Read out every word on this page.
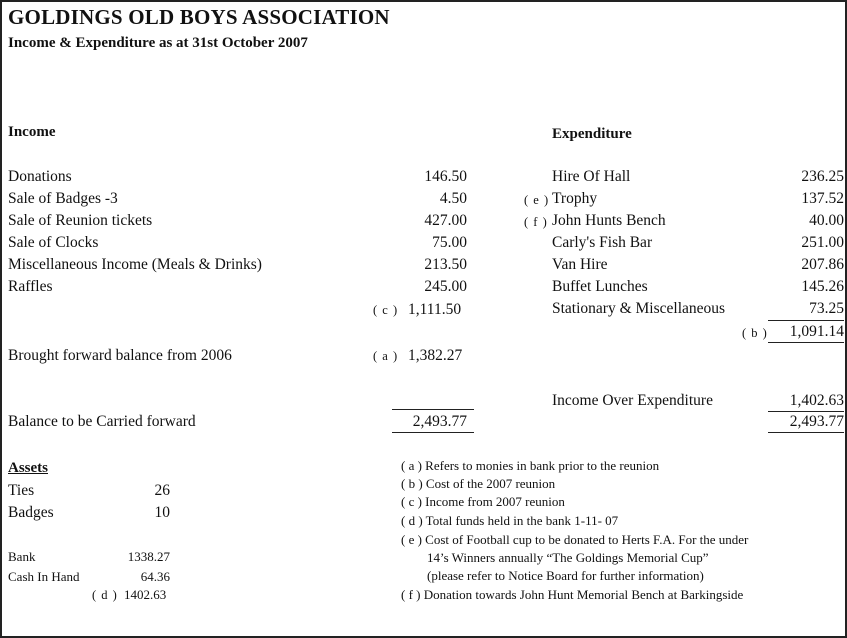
GOLDINGS OLD BOYS ASSOCIATION
Income & Expenditure as at 31st October 2007
Income
Donations	146.50
Sale of Badges -3	4.50
Sale of Reunion tickets	427.00
Sale of Clocks	75.00
Miscellaneous Income (Meals & Drinks)	213.50
Raffles	245.00
( c ) 1,111.50
Brought forward balance from 2006	( a ) 1,382.27
Balance to be Carried forward	2,493.77
Expenditure
Hire Of Hall	236.25
( e ) Trophy	137.52
( f ) John Hunts Bench	40.00
Carly's Fish Bar	251.00
Van Hire	207.86
Buffet Lunches	145.26
Stationary & Miscellaneous	73.25
( b )	1,091.14
Income Over Expenditure	1,402.63
2,493.77
Assets
Ties	26
Badges	10
Bank	1338.27
Cash In Hand	64.36
( d ) 1402.63
( a ) Refers to monies in bank prior to the reunion
( b ) Cost of the 2007 reunion
( c ) Income from 2007 reunion
( d ) Total funds held in the bank 1-11- 07
( e ) Cost of Football cup to be donated to Herts F.A. For the under
14’s Winners annually “The Goldings Memorial Cup”
(please refer to Notice Board for further information)
( f ) Donation towards John Hunt Memorial Bench at Barkingside
